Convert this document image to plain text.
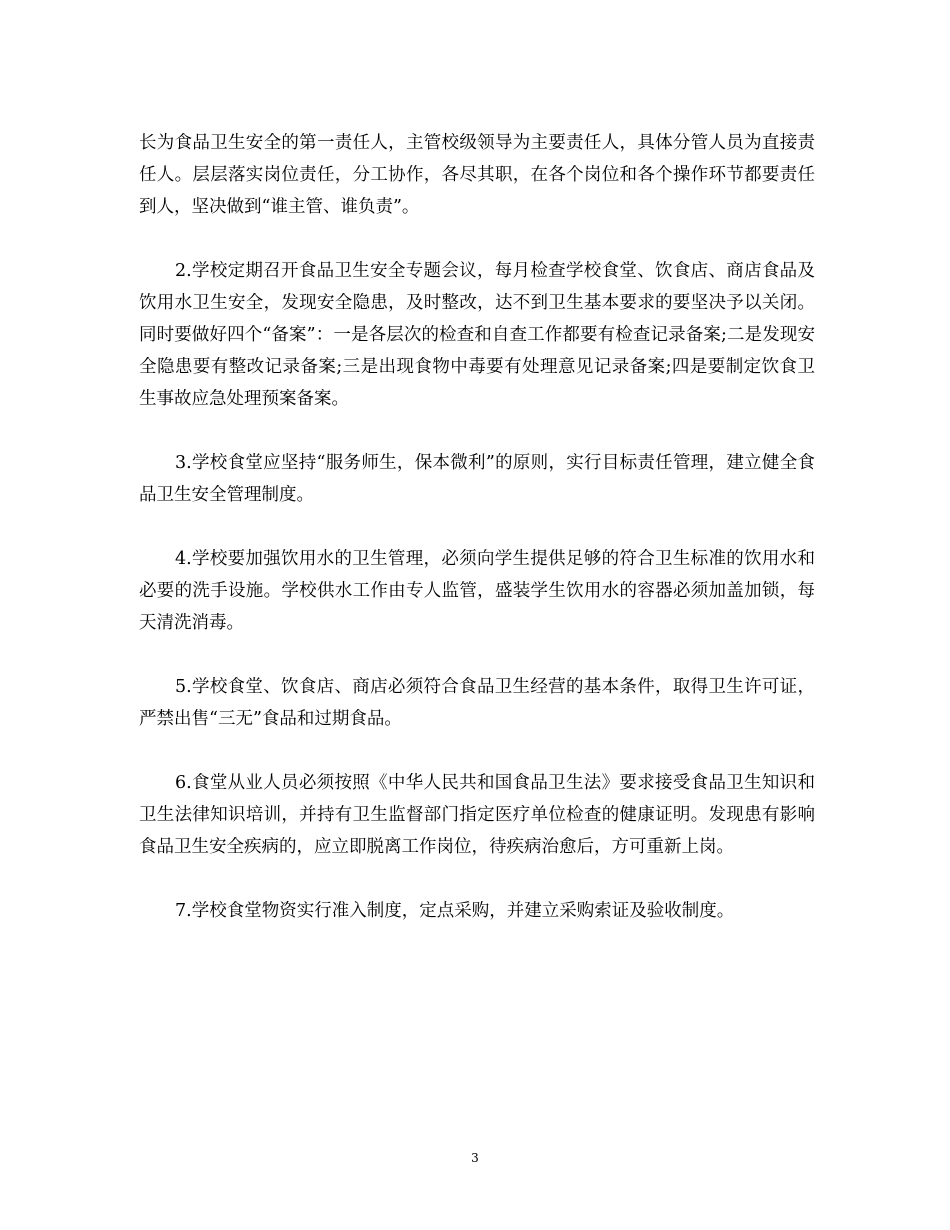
长为食品卫生安全的第一责任人，主管校级领导为主要责任人，具体分管人员为直接责任人。层层落实岗位责任，分工协作，各尽其职，在各个岗位和各个操作环节都要责任到人，坚决做到“谁主管、谁负责”。

2.学校定期召开食品卫生安全专题会议，每月检查学校食堂、饮食店、商店食品及饮用水卫生安全，发现安全隐患，及时整改，达不到卫生基本要求的要坚决予以关闭。同时要做好四个“备案”：一是各层次的检查和自查工作都要有检查记录备案;二是发现安全隐患要有整改记录备案;三是出现食物中毒要有处理意见记录备案;四是要制定饮食卫生事故应急处理预案备案。

3.学校食堂应坚持“服务师生，保本微利”的原则，实行目标责任管理，建立健全食品卫生安全管理制度。

4.学校要加强饮用水的卫生管理，必须向学生提供足够的符合卫生标准的饮用水和必要的洗手设施。学校供水工作由专人监管，盛装学生饮用水的容器必须加盖加锁，每天清洗消毒。

5.学校食堂、饮食店、商店必须符合食品卫生经营的基本条件，取得卫生许可证，严禁出售“三无”食品和过期食品。

6.食堂从业人员必须按照《中华人民共和国食品卫生法》要求接受食品卫生知识和卫生法律知识培训，并持有卫生监督部门指定医疗单位检查的健康证明。发现患有影响食品卫生安全疾病的，应立即脱离工作岗位，待疾病治愈后，方可重新上岗。

7.学校食堂物资实行准入制度，定点采购，并建立采购索证及验收制度。

3
